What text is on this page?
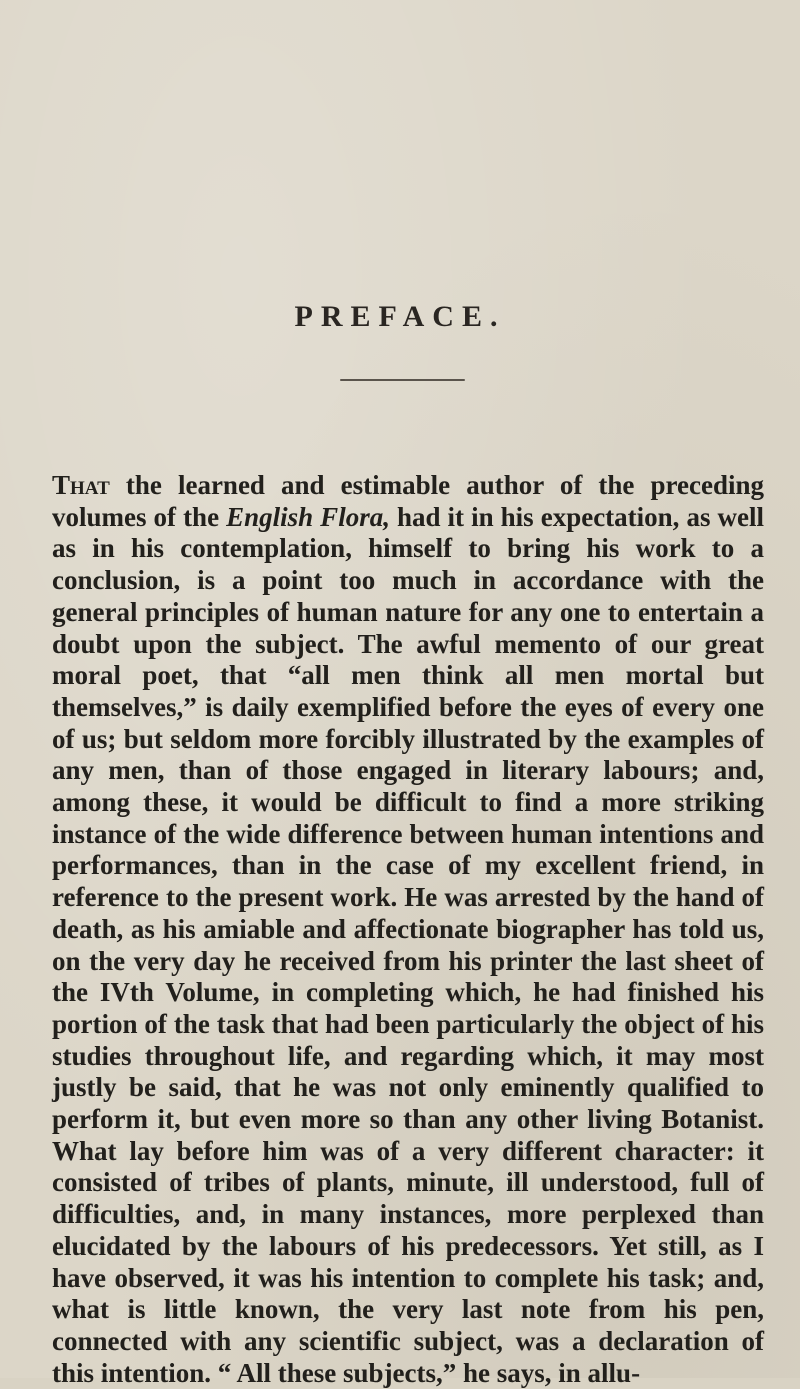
PREFACE.

That the learned and estimable author of the preceding volumes of the English Flora, had it in his expectation, as well as in his contemplation, himself to bring his work to a conclusion, is a point too much in accordance with the general principles of human nature for any one to entertain a doubt upon the subject. The awful memento of our great moral poet, that “all men think all men mortal but themselves,” is daily exemplified before the eyes of every one of us; but seldom more forcibly illustrated by the examples of any men, than of those engaged in literary labours; and, among these, it would be difficult to find a more striking instance of the wide difference between human intentions and performances, than in the case of my excellent friend, in reference to the present work. He was arrested by the hand of death, as his amiable and affectionate biographer has told us, on the very day he received from his printer the last sheet of the IVth Volume, in completing which, he had finished his portion of the task that had been particularly the object of his studies throughout life, and regarding which, it may most justly be said, that he was not only eminently qualified to perform it, but even more so than any other living Botanist. What lay before him was of a very different character: it consisted of tribes of plants, minute, ill understood, full of difficulties, and, in many instances, more perplexed than elucidated by the labours of his predecessors. Yet still, as I have observed, it was his intention to complete his task; and, what is little known, the very last note from his pen, connected with any scientific subject, was a declaration of this intention. “ All these subjects,” he says, in allu-
